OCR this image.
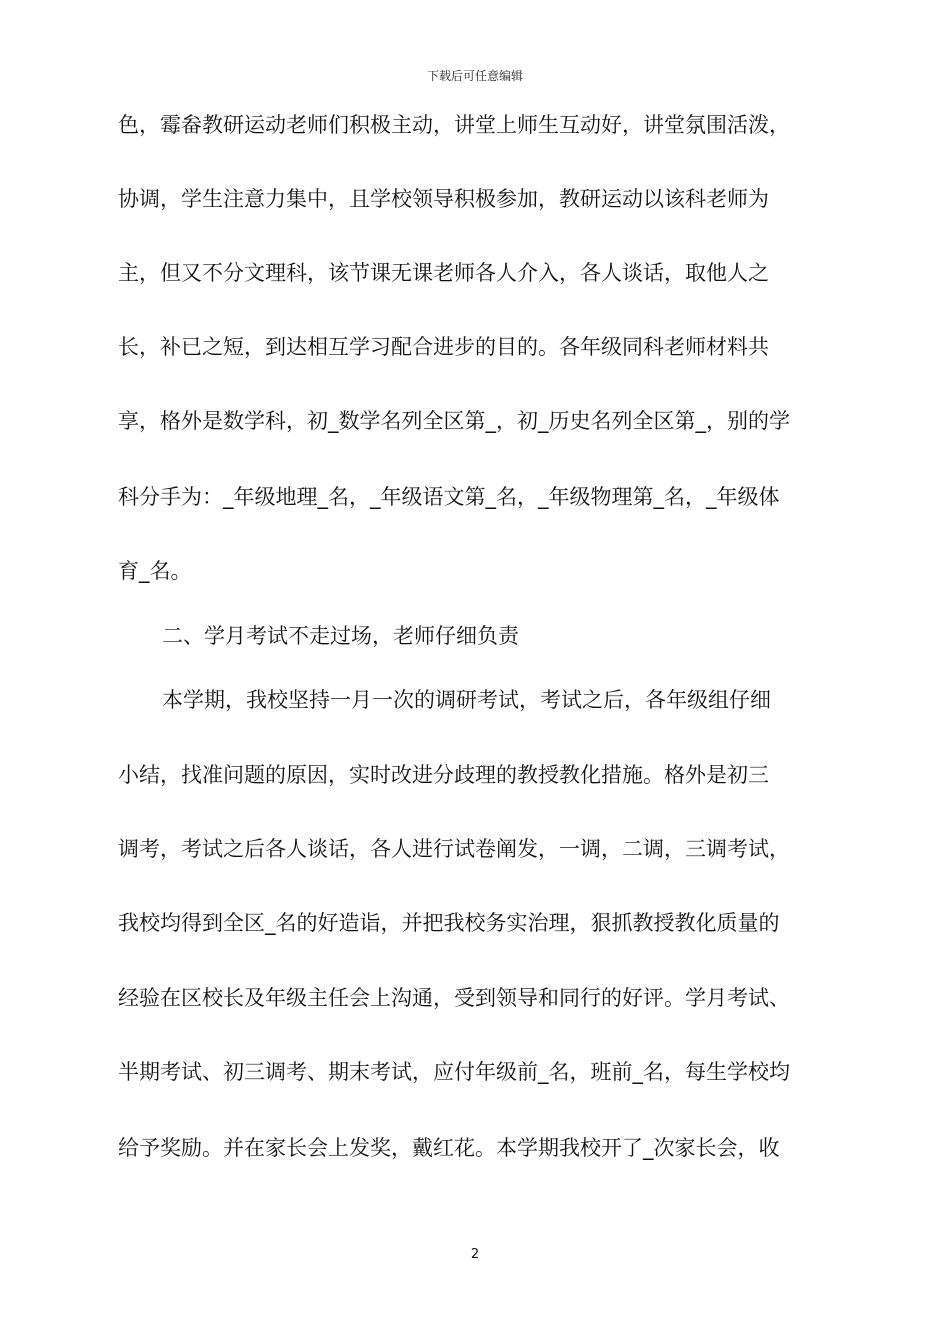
下载后可任意编辑
色，霉畚教研运动老师们积极主动，讲堂上师生互动好，讲堂氛围活泼，
协调，学生注意力集中，且学校领导积极参加，教研运动以该科老师为
主，但又不分文理科，该节课无课老师各人介入，各人谈话，取他人之
长，补已之短，到达相互学习配合进步的目的。各年级同科老师材料共
享，格外是数学科，初_数学名列全区第_，初_历史名列全区第_，别的学
科分手为：_年级地理_名，_年级语文第_名，_年级物理第_名，_年级体
育_名。
二、学月考试不走过场，老师仔细负责
本学期，我校坚持一月一次的调研考试，考试之后，各年级组仔细
小结，找准问题的原因，实时改进分歧理的教授教化措施。格外是初三
调考，考试之后各人谈话，各人进行试卷阐发，一调，二调，三调考试，
我校均得到全区_名的好造诣，并把我校务实治理，狠抓教授教化质量的
经验在区校长及年级主任会上沟通，受到领导和同行的好评。学月考试、
半期考试、初三调考、期末考试，应付年级前_名，班前_名，每生学校均
给予奖励。并在家长会上发奖，戴红花。本学期我校开了_次家长会，收
2
